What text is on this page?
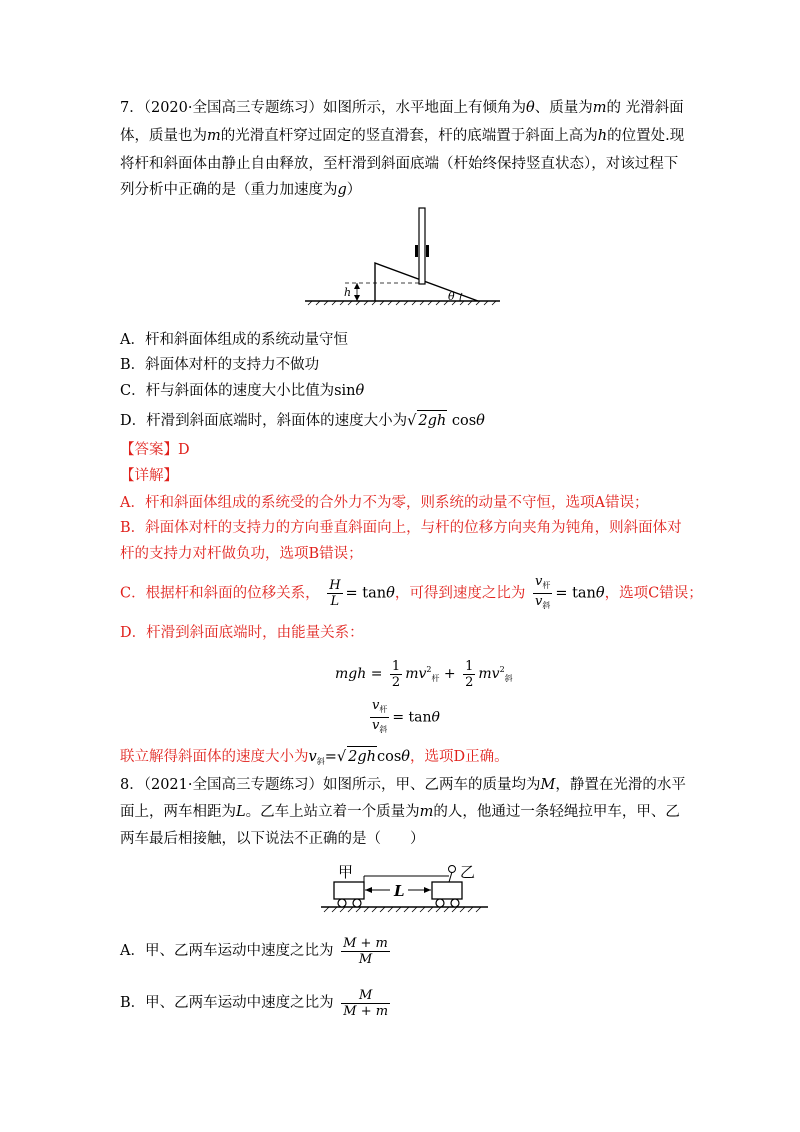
7．（2020·全国高三专题练习）如图所示，水平地面上有倾角为θ、质量为m的 光滑斜面
体，质量也为m的光滑直杆穿过固定的竖直滑套，杆的底端置于斜面上高为h的位置处.现
将杆和斜面体由静止自由释放，至杆滑到斜面底端（杆始终保持竖直状态），对该过程下
列分析中正确的是（重力加速度为g）
h	θ
A．杆和斜面体组成的系统动量守恒
B．斜面体对杆的支持力不做功
C．杆与斜面体的速度大小比值为sinθ
D．杆滑到斜面底端时，斜面体的速度大小为√ 2gh cosθ
【答案】D
【详解】
A．杆和斜面体组成的系统受的合外力不为零，则系统的动量不守恒，选项A错误；
B．斜面体对杆的支持力的方向垂直斜面向上，与杆的位移方向夹角为钝角，则斜面体对
杆的支持力对杆做负功，选项B错误；
C．根据杆和斜面的位移关系， $\frac{H}{L} = \tan\theta$，可得到速度之比为 $\frac{v_杆}{v_斜} = \tan\theta$，选项C错误；
D．杆滑到斜面底端时，由能量关系：
mgh = $\frac{1}{2} mv^2_杆 + \frac{1}{2} mv^2_斜$
$\frac{v_杆}{v_斜} = \tan\theta$
联立解得斜面体的速度大小为$v_斜=√$ 2ghcosθ，选项D正确。
8．（2021·全国高三专题练习）如图所示，甲、乙两车的质量均为M，静置在光滑的水平
面上，两车相距为L。乙车上站立着一个质量为m的人，他通过一条轻绳拉甲车，甲、乙
两车最后相接触，以下说法不正确的是（　　）
L
甲	乙
A．甲、乙两车运动中速度之比为 $\frac{M + m}{M}$
B．甲、乙两车运动中速度之比为 $\frac{M}{M + m}$
